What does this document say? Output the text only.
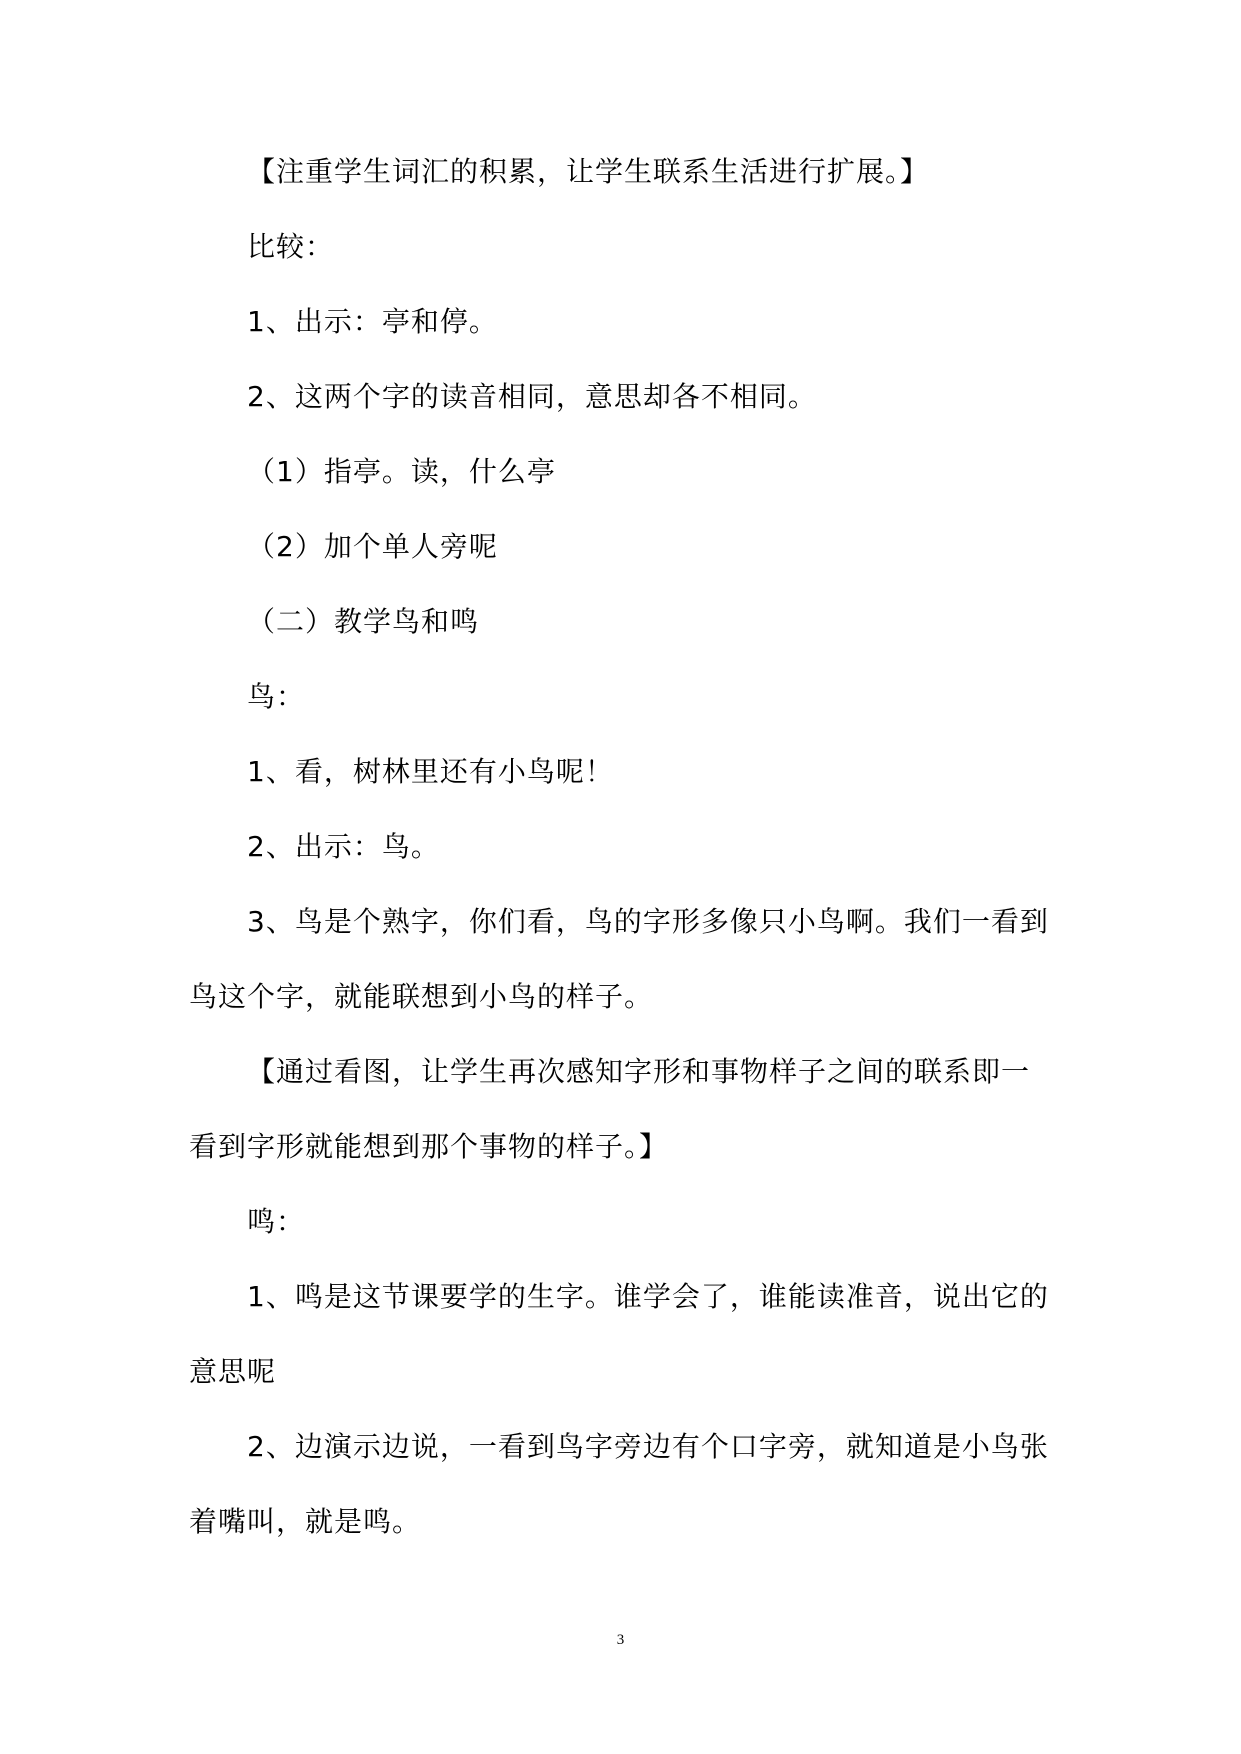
【注重学生词汇的积累，让学生联系生活进行扩展。】

比较：

1、出示：亭和停。

2、这两个字的读音相同，意思却各不相同。

（1）指亭。读，什么亭

（2）加个单人旁呢

（二）教学鸟和鸣

鸟：

1、看，树林里还有小鸟呢！

2、出示：鸟。

3、鸟是个熟字，你们看，鸟的字形多像只小鸟啊。我们一看到鸟这个字，就能联想到小鸟的样子。

【通过看图，让学生再次感知字形和事物样子之间的联系即一看到字形就能想到那个事物的样子。】

鸣：

1、鸣是这节课要学的生字。谁学会了，谁能读准音，说出它的意思呢

2、边演示边说，一看到鸟字旁边有个口字旁，就知道是小鸟张着嘴叫，就是鸣。

3
